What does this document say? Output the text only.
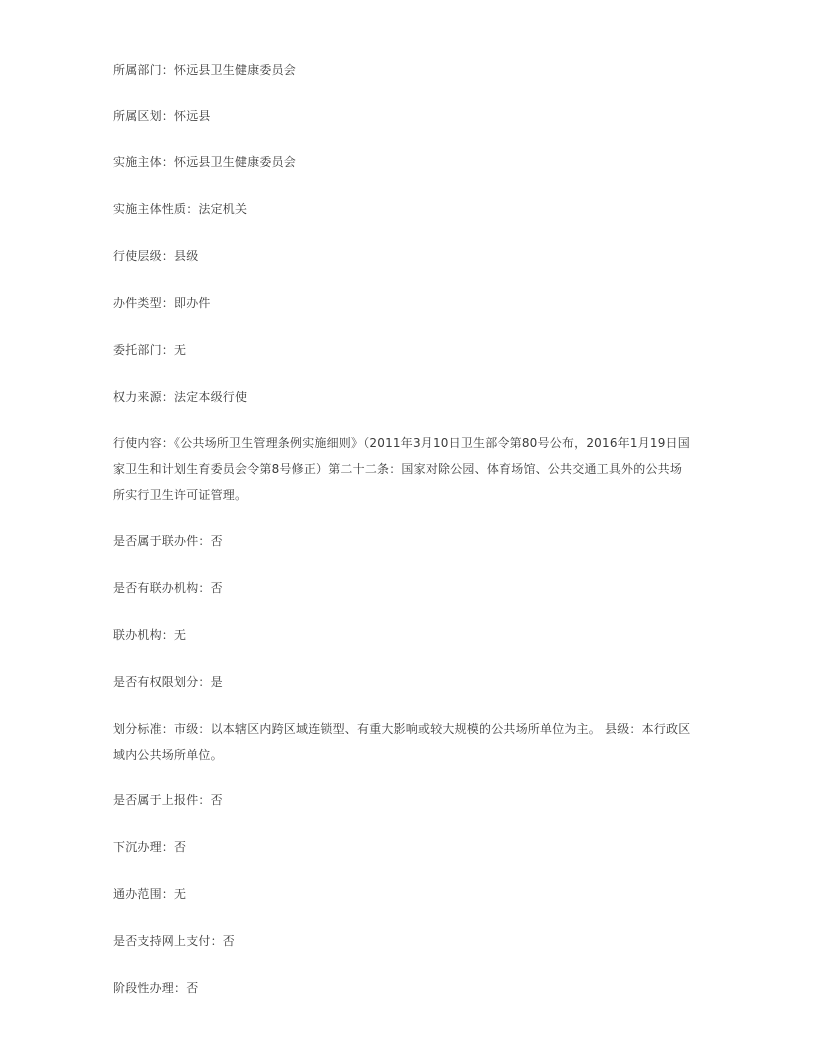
所属部门：怀远县卫生健康委员会

所属区划：怀远县

实施主体：怀远县卫生健康委员会

实施主体性质：法定机关

行使层级：县级

办件类型：即办件

委托部门：无

权力来源：法定本级行使

行使内容：《公共场所卫生管理条例实施细则》（2011年3月10日卫生部令第80号公布，2016年1月19日国家卫生和计划生育委员会令第8号修正）第二十二条：国家对除公园、体育场馆、公共交通工具外的公共场所实行卫生许可证管理。

是否属于联办件：否

是否有联办机构：否

联办机构：无

是否有权限划分：是

划分标准：市级：以本辖区内跨区域连锁型、有重大影响或较大规模的公共场所单位为主。 县级：本行政区域内公共场所单位。

是否属于上报件：否

下沉办理：否

通办范围：无

是否支持网上支付：否

阶段性办理：否
